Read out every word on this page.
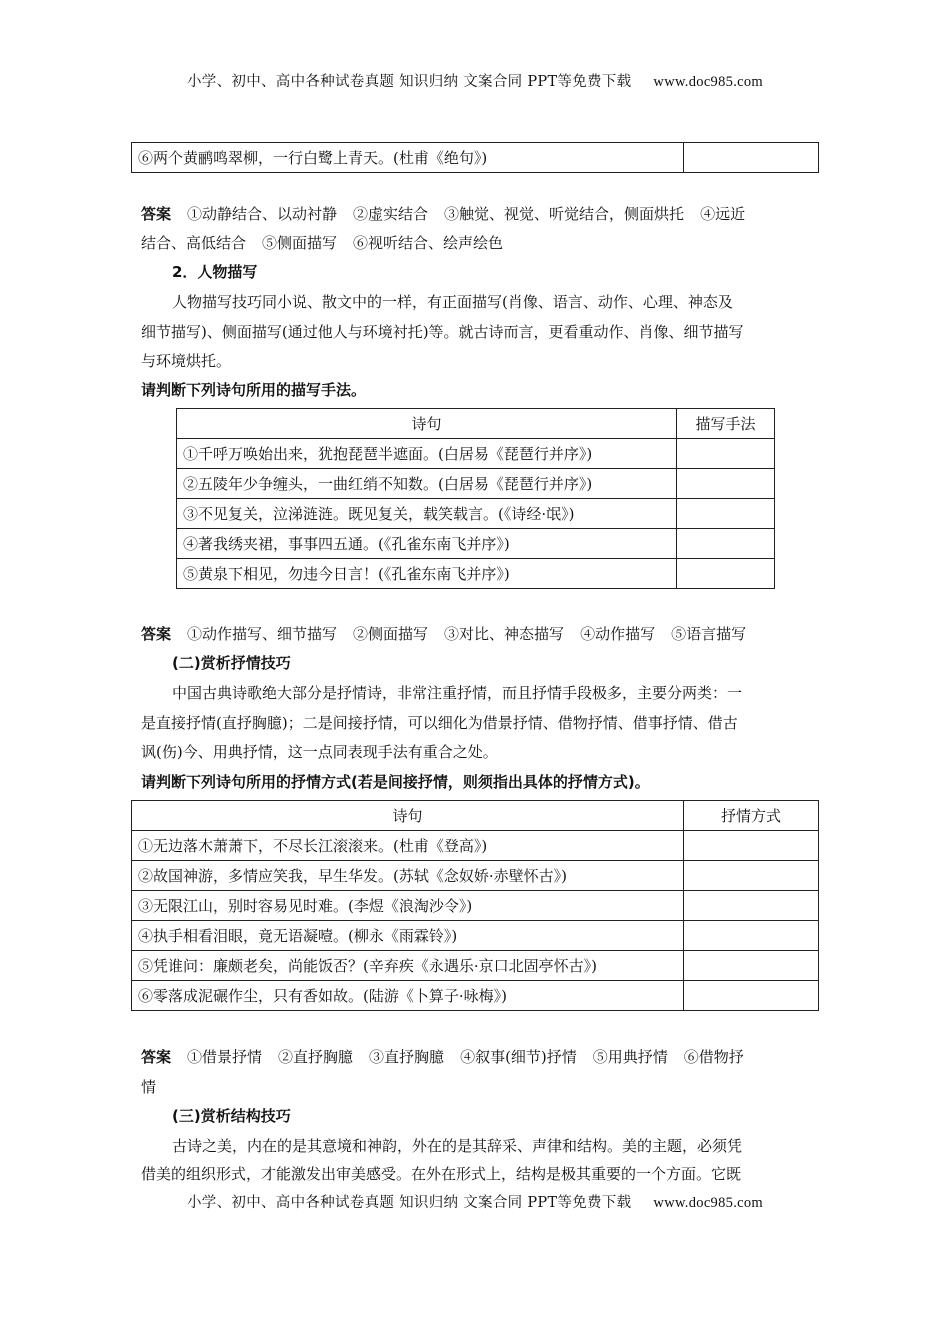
小学、初中、高中各种试卷真题 知识归纳 文案合同 PPT等免费下载 www.doc985.com
⑥两个黄鹂鸣翠柳，一行白鹭上青天。(杜甫《绝句》)	
答案 ①动静结合、以动衬静 ②虚实结合 ③触觉、视觉、听觉结合，侧面烘托 ④远近
结合、高低结合 ⑤侧面描写 ⑥视听结合、绘声绘色
2．人物描写
人物描写技巧同小说、散文中的一样，有正面描写(肖像、语言、动作、心理、神态及
细节描写)、侧面描写(通过他人与环境衬托)等。就古诗而言，更看重动作、肖像、细节描写
与环境烘托。
请判断下列诗句所用的描写手法。
诗句	描写手法
①千呼万唤始出来，犹抱琵琶半遮面。(白居易《琵琶行并序》)	
②五陵年少争缠头，一曲红绡不知数。(白居易《琵琶行并序》)	
③不见复关，泣涕涟涟。既见复关，载笑载言。(《诗经·氓》)	
④著我绣夹裙，事事四五通。(《孔雀东南飞并序》)	
⑤黄泉下相见，勿违今日言！(《孔雀东南飞并序》)	
答案 ①动作描写、细节描写 ②侧面描写 ③对比、神态描写 ④动作描写 ⑤语言描写
(二)赏析抒情技巧
中国古典诗歌绝大部分是抒情诗，非常注重抒情，而且抒情手段极多，主要分两类：一
是直接抒情(直抒胸臆)；二是间接抒情，可以细化为借景抒情、借物抒情、借事抒情、借古
讽(伤)今、用典抒情，这一点同表现手法有重合之处。
请判断下列诗句所用的抒情方式(若是间接抒情，则须指出具体的抒情方式)。
诗句	抒情方式
①无边落木萧萧下，不尽长江滚滚来。(杜甫《登高》)	
②故国神游，多情应笑我，早生华发。(苏轼《念奴娇·赤壁怀古》)	
③无限江山，别时容易见时难。(李煜《浪淘沙令》)	
④执手相看泪眼，竟无语凝噎。(柳永《雨霖铃》)	
⑤凭谁问：廉颇老矣，尚能饭否？(辛弃疾《永遇乐·京口北固亭怀古》)	
⑥零落成泥碾作尘，只有香如故。(陆游《卜算子·咏梅》)	
答案 ①借景抒情 ②直抒胸臆 ③直抒胸臆 ④叙事(细节)抒情 ⑤用典抒情 ⑥借物抒
情
(三)赏析结构技巧
古诗之美，内在的是其意境和神韵，外在的是其辞采、声律和结构。美的主题，必须凭
借美的组织形式，才能激发出审美感受。在外在形式上，结构是极其重要的一个方面。它既
小学、初中、高中各种试卷真题 知识归纳 文案合同 PPT等免费下载 www.doc985.com
